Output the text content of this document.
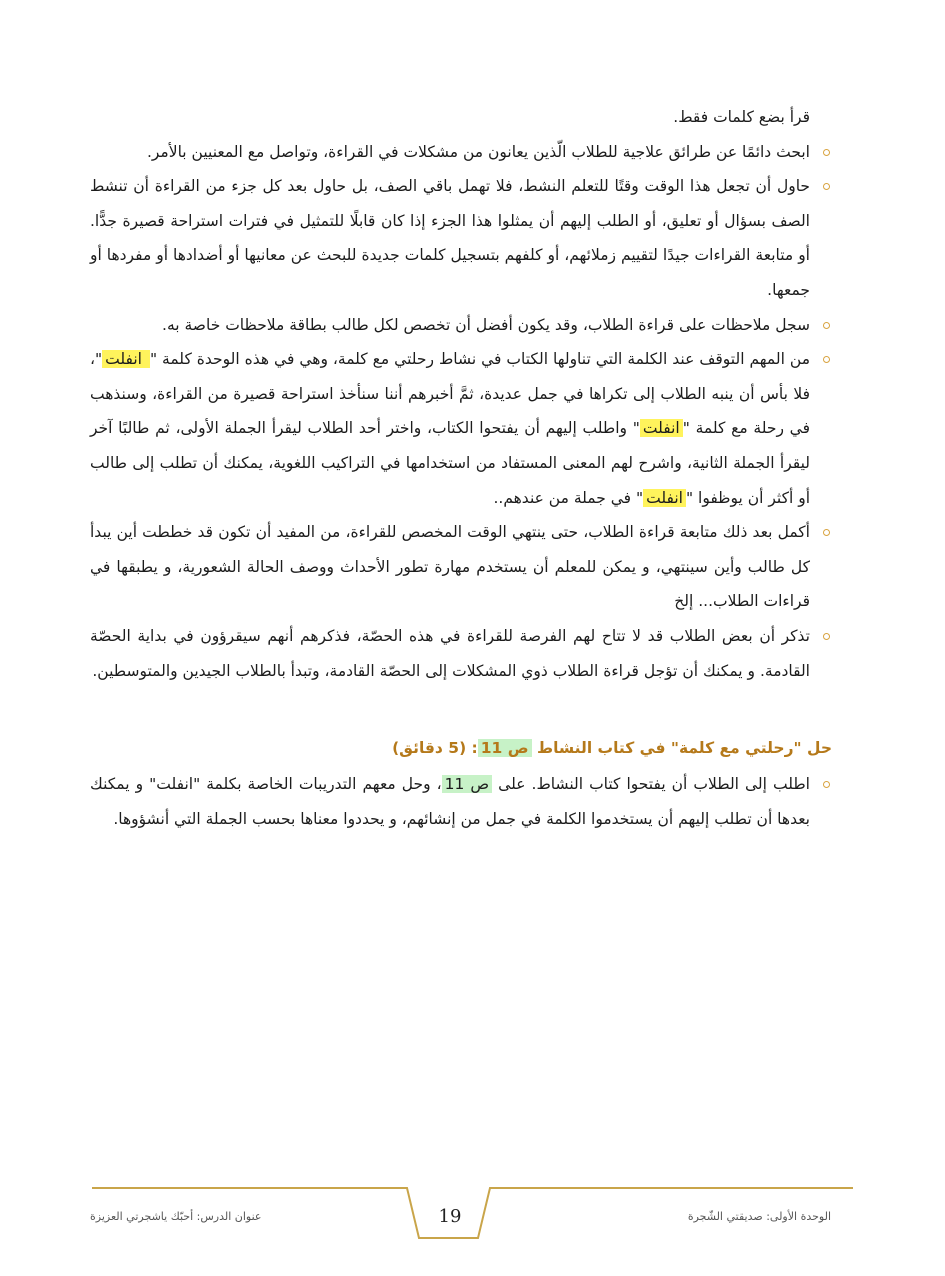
قرأ بضع كلمات فقط.

ابحث دائمًا عن طرائق علاجية للطلاب الّذين يعانون من مشكلات في القراءة، وتواصل مع المعنيين بالأمر.
حاول أن تجعل هذا الوقت وقتًا للتعلم النشط، فلا تهمل باقي الصف، بل حاول بعد كل جزء من القراءة أن تنشط الصف بسؤال أو تعليق، أو الطلب إليهم أن يمثلوا هذا الجزء إذا كان قابلًا للتمثيل في فترات استراحة قصيرة جدًّا. أو متابعة القراءات جيدًا لتقييم زملائهم، أو كلفهم بتسجيل كلمات جديدة للبحث عن معانيها أو أضدادها أو مفردها أو جمعها.
سجل ملاحظات على قراءة الطلاب، وقد يكون أفضل أن تخصص لكل طالب بطاقة ملاحظات خاصة به.
من المهم التوقف عند الكلمة التي تناولها الكتاب في نشاط رحلتي مع كلمة، وهي في هذه الوحدة كلمة " انفلت"، فلا بأس أن ينبه الطلاب إلى تكراها في جمل عديدة، ثمَّ أخبرهم أننا سنأخذ استراحة قصيرة من القراءة، وسنذهب في رحلة مع كلمة "انفلت" واطلب إليهم أن يفتحوا الكتاب، واختر أحد الطلاب ليقرأ الجملة الأولى، ثم طالبًا آخر ليقرأ الجملة الثانية، واشرح لهم المعنى المستفاد من استخدامها في التراكيب اللغوية، يمكنك أن تطلب إلى طالب أو أكثر أن يوظفوا "انفلت" في جملة من عندهم..
أكمل بعد ذلك متابعة قراءة الطلاب، حتى ينتهي الوقت المخصص للقراءة، من المفيد أن تكون قد خططت أين يبدأ كل طالب وأين سينتهي، و يمكن للمعلم أن يستخدم مهارة تطور الأحداث ووصف الحالة الشعورية، و يطبقها في قراءات الطلاب... إلخ
تذكر أن بعض الطلاب قد لا تتاح لهم الفرصة للقراءة في هذه الحصّة، فذكرهم أنهم سيقرؤون في بداية الحصّة القادمة. و يمكنك أن تؤجل قراءة الطلاب ذوي المشكلات إلى الحصّة القادمة، وتبدأ بالطلاب الجيدين والمتوسطين.
حل "رحلتي مع كلمة" في كتاب النشاط ص 11: (5 دقائق)
اطلب إلى الطلاب أن يفتحوا كتاب النشاط. على ص 11، وحل معهم التدريبات الخاصة بكلمة "انفلت" و يمكنك بعدها أن تطلب إليهم أن يستخدموا الكلمة في جمل من إنشائهم، و يحددوا معناها بحسب الجملة التي أنشؤوها.
الوحدة الأولى: صديقتي الشّجرة
19
عنوان الدرس: أحبّك ياشجرتي العزيزة
